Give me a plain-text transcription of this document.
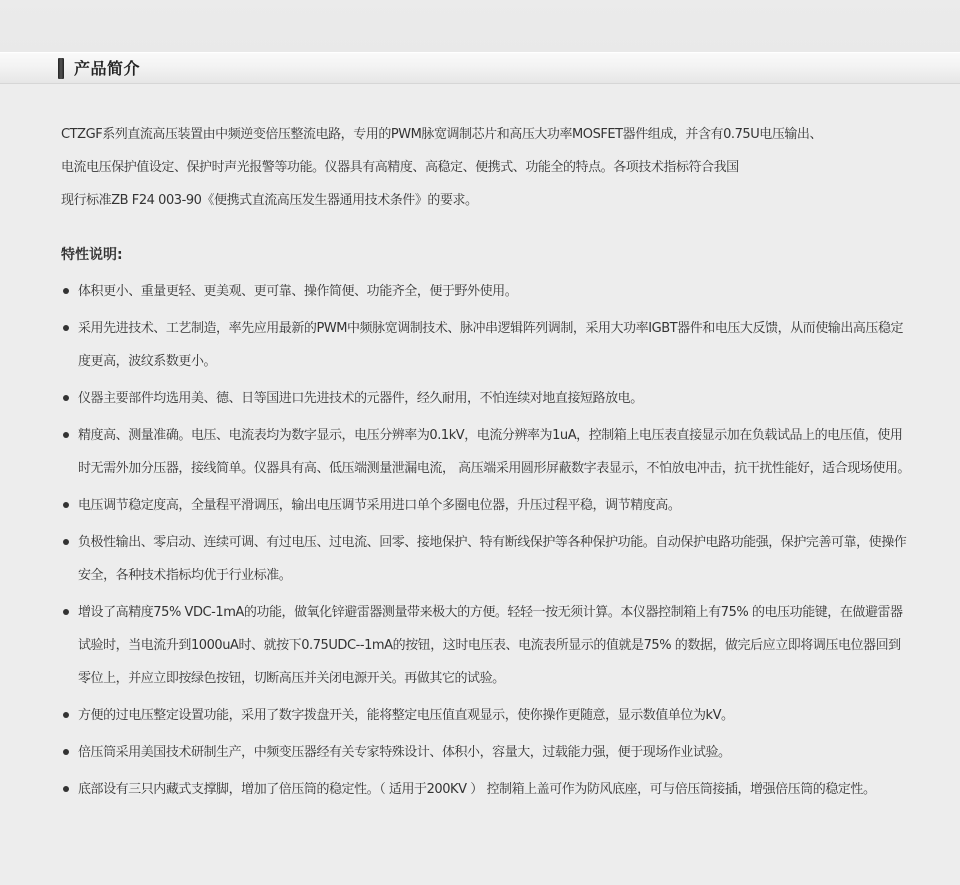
产品简介
CTZGF系列直流高压装置由中频逆变倍压整流电路，专用的PWM脉宽调制芯片和高压大功率MOSFET器件组成，并含有0.75U电压输出、
电流电压保护值设定、保护时声光报警等功能。仪器具有高精度、高稳定、便携式、功能全的特点。各项技术指标符合我国
现行标准ZB F24 003-90《便携式直流高压发生器通用技术条件》的要求。
特性说明:
体积更小、重量更轻、更美观、更可靠、操作简便、功能齐全，便于野外使用。
采用先进技术、工艺制造，率先应用最新的PWM中频脉宽调制技术、脉冲串逻辑阵列调制，采用大功率IGBT器件和电压大反馈，从而使输出高压稳定度更高，波纹系数更小。
仪器主要部件均选用美、德、日等国进口先进技术的元器件，经久耐用，不怕连续对地直接短路放电。
精度高、测量准确。电压、电流表均为数字显示，电压分辨率为0.1kV，电流分辨率为1uA，控制箱上电压表直接显示加在负载试品上的电压值，使用时无需外加分压器，接线简单。仪器具有高、低压端测量泄漏电流， 高压端采用圆形屏蔽数字表显示，不怕放电冲击，抗干扰性能好，适合现场使用。
电压调节稳定度高，全量程平滑调压，输出电压调节采用进口单个多圈电位器，升压过程平稳，调节精度高。
负极性输出、零启动、连续可调、有过电压、过电流、回零、接地保护、特有断线保护等各种保护功能。自动保护电路功能强，保护完善可靠，使操作安全，各种技术指标均优于行业标准。
增设了高精度75% VDC-1mA的功能，做氧化锌避雷器测量带来极大的方便。轻轻一按无须计算。本仪器控制箱上有75% 的电压功能键，在做避雷器试验时，当电流升到1000uA时、就按下0.75UDC--1mA的按钮，这时电压表、电流表所显示的值就是75% 的数据，做完后应立即将调压电位器回到零位上，并应立即按绿色按钮，切断高压并关闭电源开关。再做其它的试验。
方便的过电压整定设置功能，采用了数字拨盘开关，能将整定电压值直观显示，使你操作更随意，显示数值单位为kV。
倍压筒采用美国技术研制生产，中频变压器经有关专家特殊设计、体积小，容量大，过载能力强，便于现场作业试验。
底部设有三只内藏式支撑脚，增加了倍压筒的稳定性。（ 适用于200KV ） 控制箱上盖可作为防风底座，可与倍压筒接插，增强倍压筒的稳定性。
